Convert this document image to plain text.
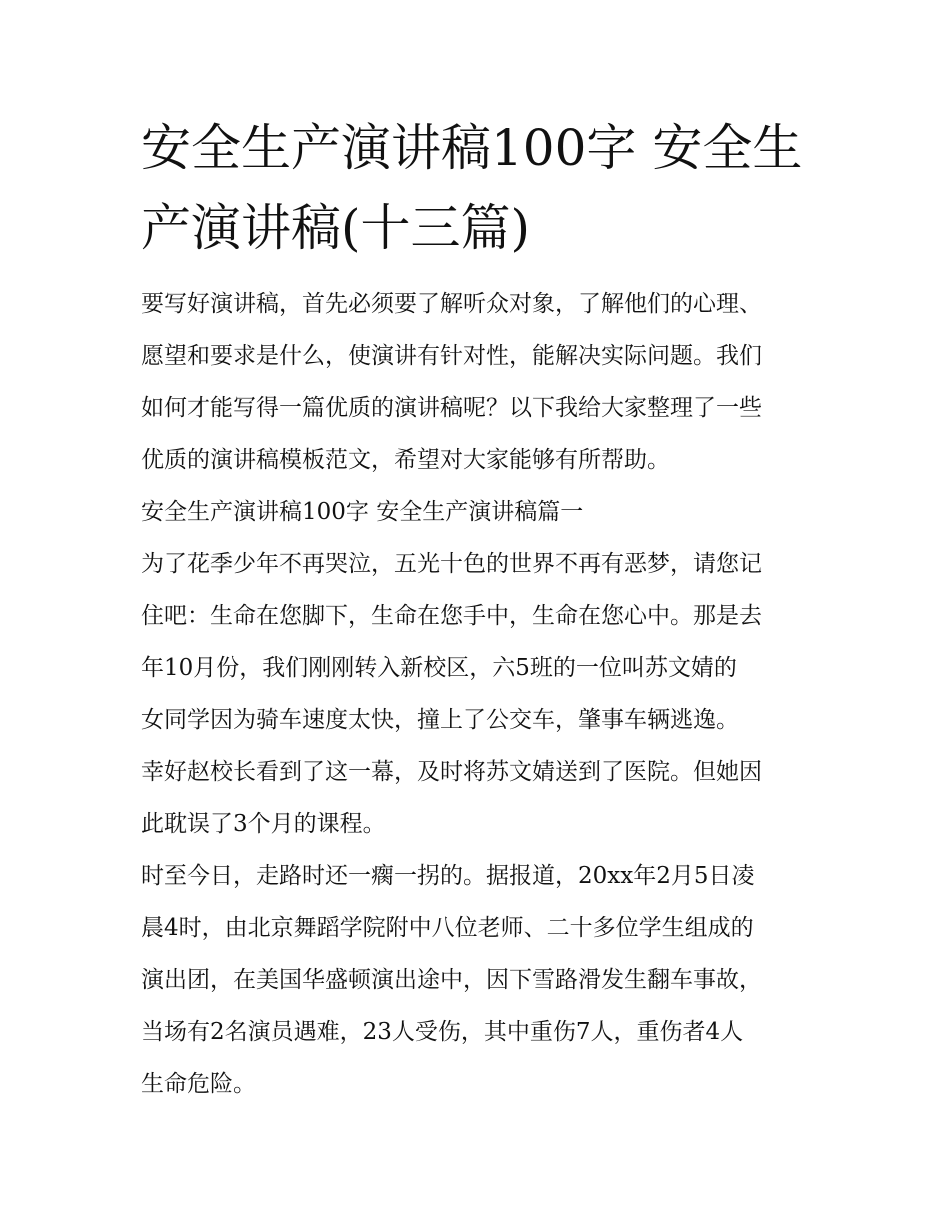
安全生产演讲稿100字 安全生
产演讲稿(十三篇)

要写好演讲稿，首先必须要了解听众对象，了解他们的心理、
愿望和要求是什么，使演讲有针对性，能解决实际问题。我们
如何才能写得一篇优质的演讲稿呢？以下我给大家整理了一些
优质的演讲稿模板范文，希望对大家能够有所帮助。

安全生产演讲稿100字 安全生产演讲稿篇一

为了花季少年不再哭泣，五光十色的世界不再有恶梦，请您记
住吧：生命在您脚下，生命在您手中，生命在您心中。那是去
年10月份，我们刚刚转入新校区，六5班的一位叫苏文婧的
女同学因为骑车速度太快，撞上了公交车，肇事车辆逃逸。

幸好赵校长看到了这一幕，及时将苏文婧送到了医院。但她因
此耽误了3个月的课程。

时至今日，走路时还一瘸一拐的。据报道，20xx年2月5日凌
晨4时，由北京舞蹈学院附中八位老师、二十多位学生组成的
演出团，在美国华盛顿演出途中，因下雪路滑发生翻车事故，
当场有2名演员遇难，23人受伤，其中重伤7人，重伤者4人
生命危险。
